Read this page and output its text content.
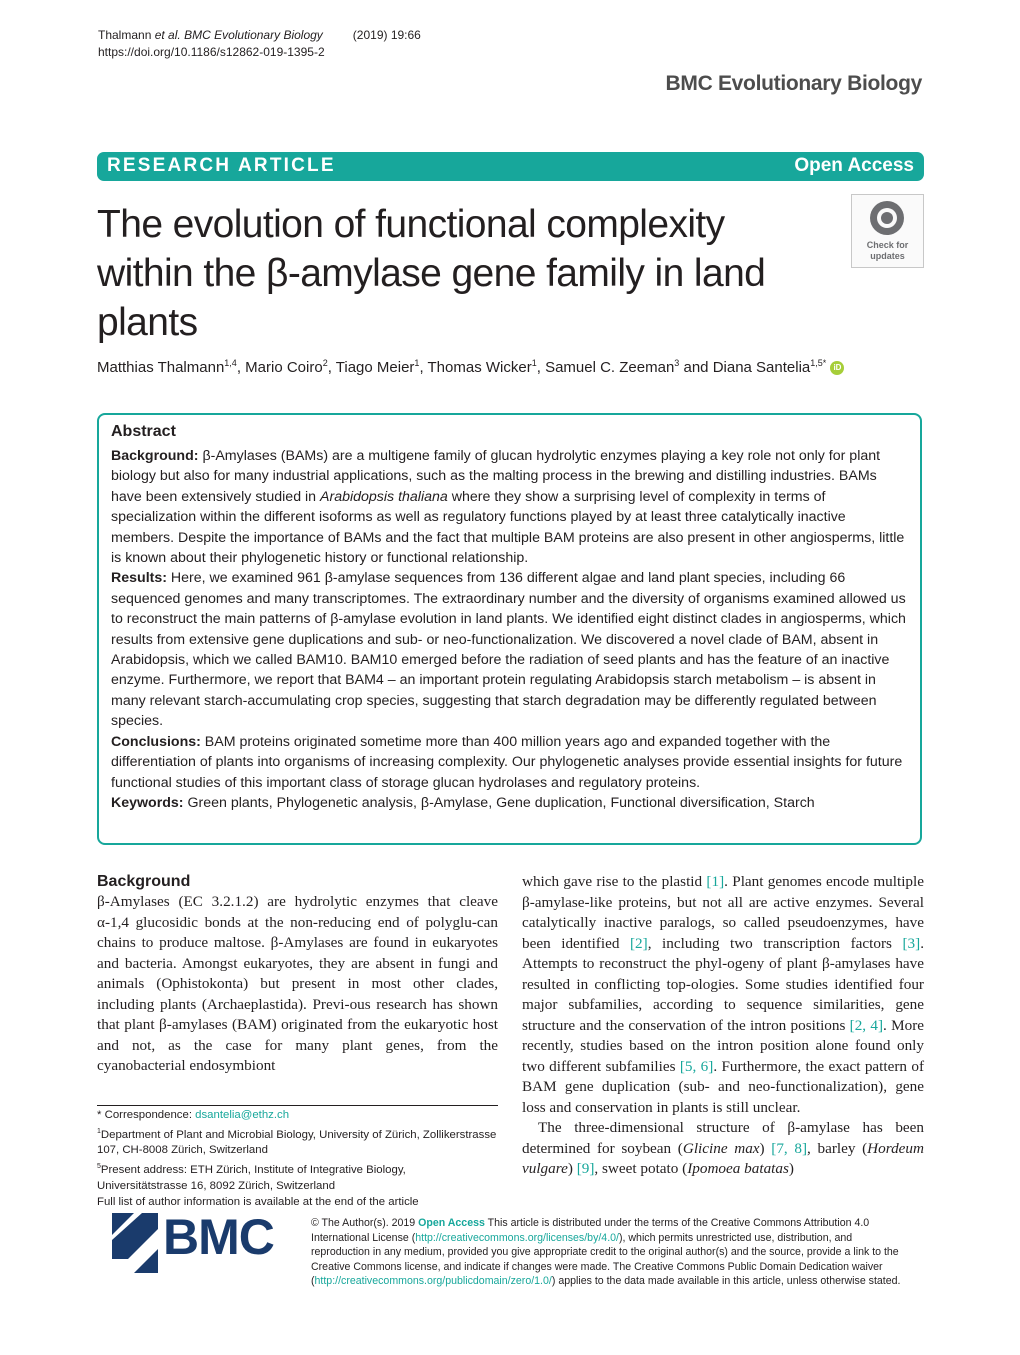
Thalmann et al. BMC Evolutionary Biology	(2019) 19:66
https://doi.org/10.1186/s12862-019-1395-2
BMC Evolutionary Biology
RESEARCH ARTICLE	Open Access
The evolution of functional complexity within the β-amylase gene family in land plants
Check for
updates
Matthias Thalmann$^{1,4}$, Mario Coiro$^2$, Tiago Meier$^1$, Thomas Wicker$^1$, Samuel C. Zeeman$^3$ and Diana Santelia$^{1,5*}$ iD
Abstract

Background: β-Amylases (BAMs) are a multigene family of glucan hydrolytic enzymes playing a key role not only for plant biology but also for many industrial applications, such as the malting process in the brewing and distilling industries. BAMs have been extensively studied in Arabidopsis thaliana where they show a surprising level of complexity in terms of specialization within the different isoforms as well as regulatory functions played by at least three catalytically inactive members. Despite the importance of BAMs and the fact that multiple BAM proteins are also present in other angiosperms, little is known about their phylogenetic history or functional relationship.

Results: Here, we examined 961 β-amylase sequences from 136 different algae and land plant species, including 66 sequenced genomes and many transcriptomes. The extraordinary number and the diversity of organisms examined allowed us to reconstruct the main patterns of β-amylase evolution in land plants. We identified eight distinct clades in angiosperms, which results from extensive gene duplications and sub- or neo-functionalization. We discovered a novel clade of BAM, absent in Arabidopsis, which we called BAM10. BAM10 emerged before the radiation of seed plants and has the feature of an inactive enzyme. Furthermore, we report that BAM4 – an important protein regulating Arabidopsis starch metabolism – is absent in many relevant starch-accumulating crop species, suggesting that starch degradation may be differently regulated between species.

Conclusions: BAM proteins originated sometime more than 400 million years ago and expanded together with the differentiation of plants into organisms of increasing complexity. Our phylogenetic analyses provide essential insights for future functional studies of this important class of storage glucan hydrolases and regulatory proteins.

Keywords: Green plants, Phylogenetic analysis, β-Amylase, Gene duplication, Functional diversification, Starch

Background

β-Amylases (EC 3.2.1.2) are hydrolytic enzymes that cleave α-1,4 glucosidic bonds at the non-reducing end of polyglu-can chains to produce maltose. β-Amylases are found in eukaryotes and bacteria. Amongst eukaryotes, they are absent in fungi and animals (Ophistokonta) but present in most other clades, including plants (Archaeplastida). Previ-ous research has shown that plant β-amylases (BAM) originated from the eukaryotic host and not, as the case for many plant genes, from the cyanobacterial endosymbiont

which gave rise to the plastid [1]. Plant genomes encode multiple β-amylase-like proteins, but not all are active enzymes. Several catalytically inactive paralogs, so called pseudoenzymes, have been identified [2], including two transcription factors [3]. Attempts to reconstruct the phyl-ogeny of plant β-amylases have resulted in conflicting top-ologies. Some studies identified four major subfamilies, according to sequence similarities, gene structure and the conservation of the intron positions [2, 4]. More recently, studies based on the intron position alone found only two different subfamilies [5, 6]. Furthermore, the exact pattern of BAM gene duplication (sub- and neo-functionalization), gene loss and conservation in plants is still unclear.

The three-dimensional structure of β-amylase has been determined for soybean (Glicine max) [7, 8], barley (Hordeum vulgare) [9], sweet potato (Ipomoea batatas)

* Correspondence: dsantelia@ethz.ch
$^1$Department of Plant and Microbial Biology, University of Zürich, Zollikerstrasse 107, CH-8008 Zürich, Switzerland
$^5$Present address: ETH Zürich, Institute of Integrative Biology, Universitätstrasse 16, 8092 Zürich, Switzerland
Full list of author information is available at the end of the article
BMC	© The Author(s). 2019 Open Access This article is distributed under the terms of the Creative Commons Attribution 4.0 International License (http://creativecommons.org/licenses/by/4.0/), which permits unrestricted use, distribution, and reproduction in any medium, provided you give appropriate credit to the original author(s) and the source, provide a link to the Creative Commons license, and indicate if changes were made. The Creative Commons Public Domain Dedication waiver (http://creativecommons.org/publicdomain/zero/1.0/) applies to the data made available in this article, unless otherwise stated.
